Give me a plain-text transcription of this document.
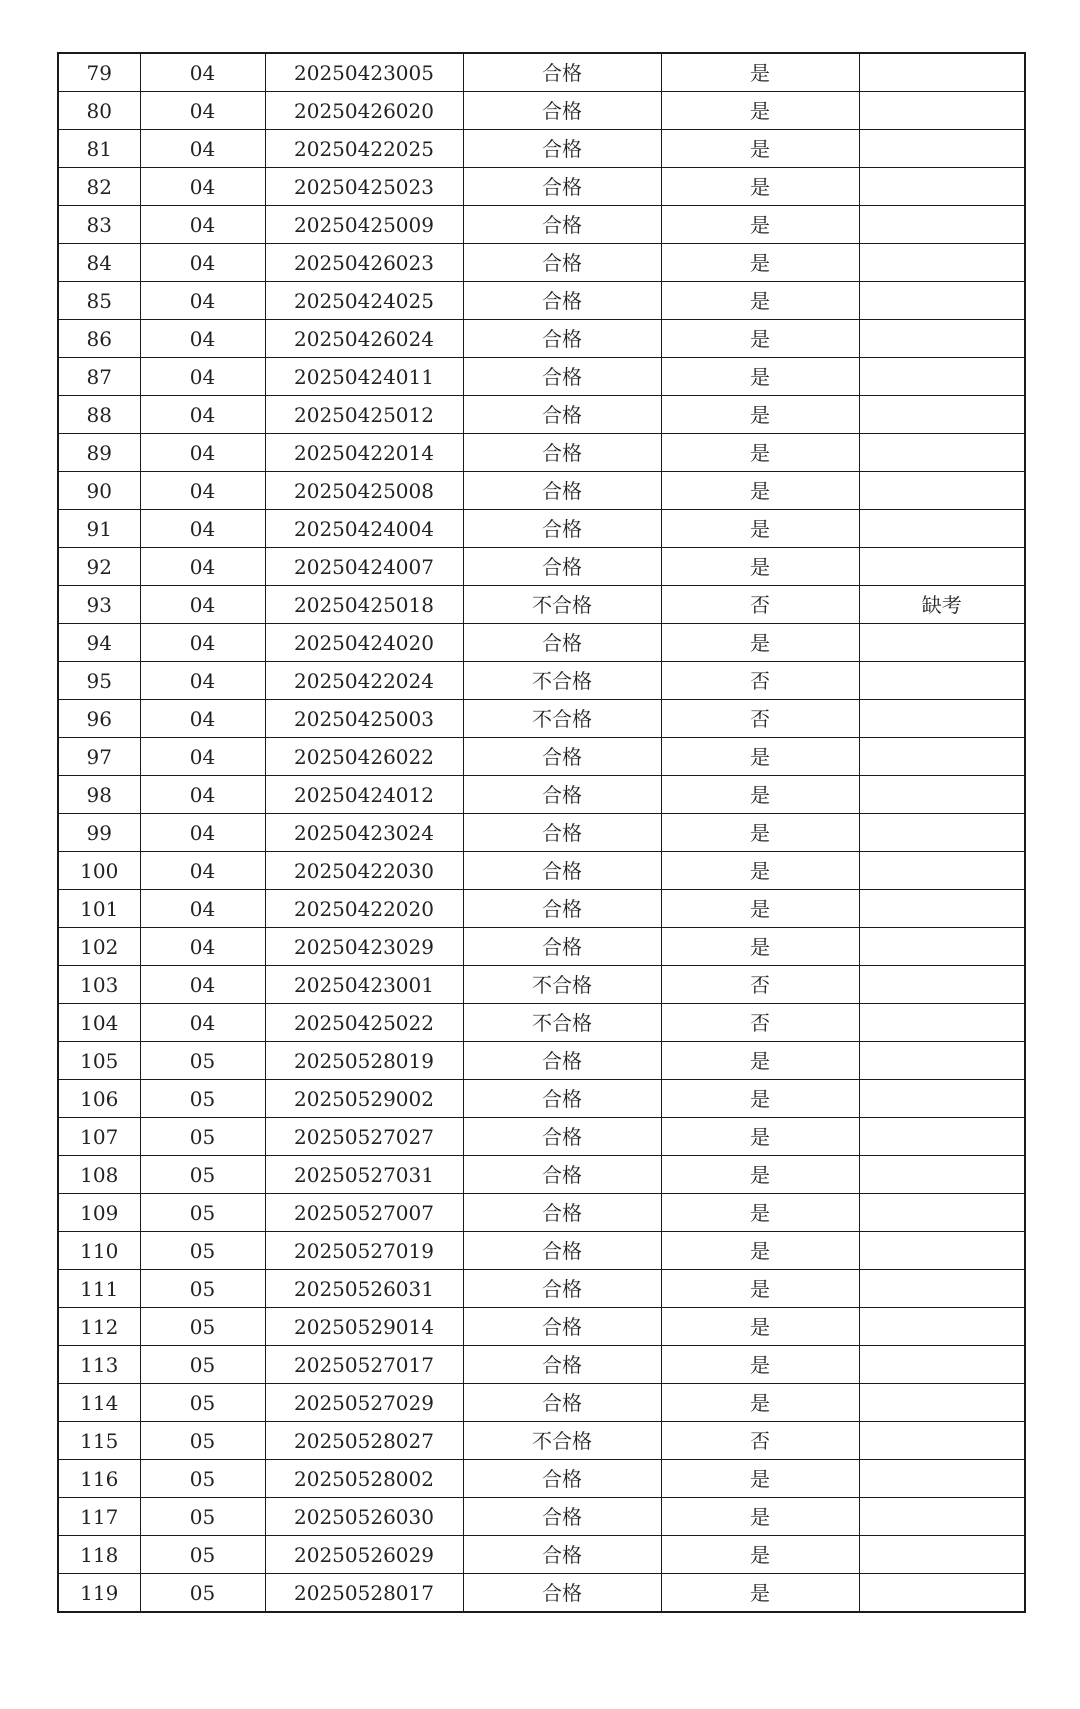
79	04	20250423005	合格	是	
80	04	20250426020	合格	是	
81	04	20250422025	合格	是	
82	04	20250425023	合格	是	
83	04	20250425009	合格	是	
84	04	20250426023	合格	是	
85	04	20250424025	合格	是	
86	04	20250426024	合格	是	
87	04	20250424011	合格	是	
88	04	20250425012	合格	是	
89	04	20250422014	合格	是	
90	04	20250425008	合格	是	
91	04	20250424004	合格	是	
92	04	20250424007	合格	是	
93	04	20250425018	不合格	否	缺考
94	04	20250424020	合格	是	
95	04	20250422024	不合格	否	
96	04	20250425003	不合格	否	
97	04	20250426022	合格	是	
98	04	20250424012	合格	是	
99	04	20250423024	合格	是	
100	04	20250422030	合格	是	
101	04	20250422020	合格	是	
102	04	20250423029	合格	是	
103	04	20250423001	不合格	否	
104	04	20250425022	不合格	否	
105	05	20250528019	合格	是	
106	05	20250529002	合格	是	
107	05	20250527027	合格	是	
108	05	20250527031	合格	是	
109	05	20250527007	合格	是	
110	05	20250527019	合格	是	
111	05	20250526031	合格	是	
112	05	20250529014	合格	是	
113	05	20250527017	合格	是	
114	05	20250527029	合格	是	
115	05	20250528027	不合格	否	
116	05	20250528002	合格	是	
117	05	20250526030	合格	是	
118	05	20250526029	合格	是	
119	05	20250528017	合格	是	
